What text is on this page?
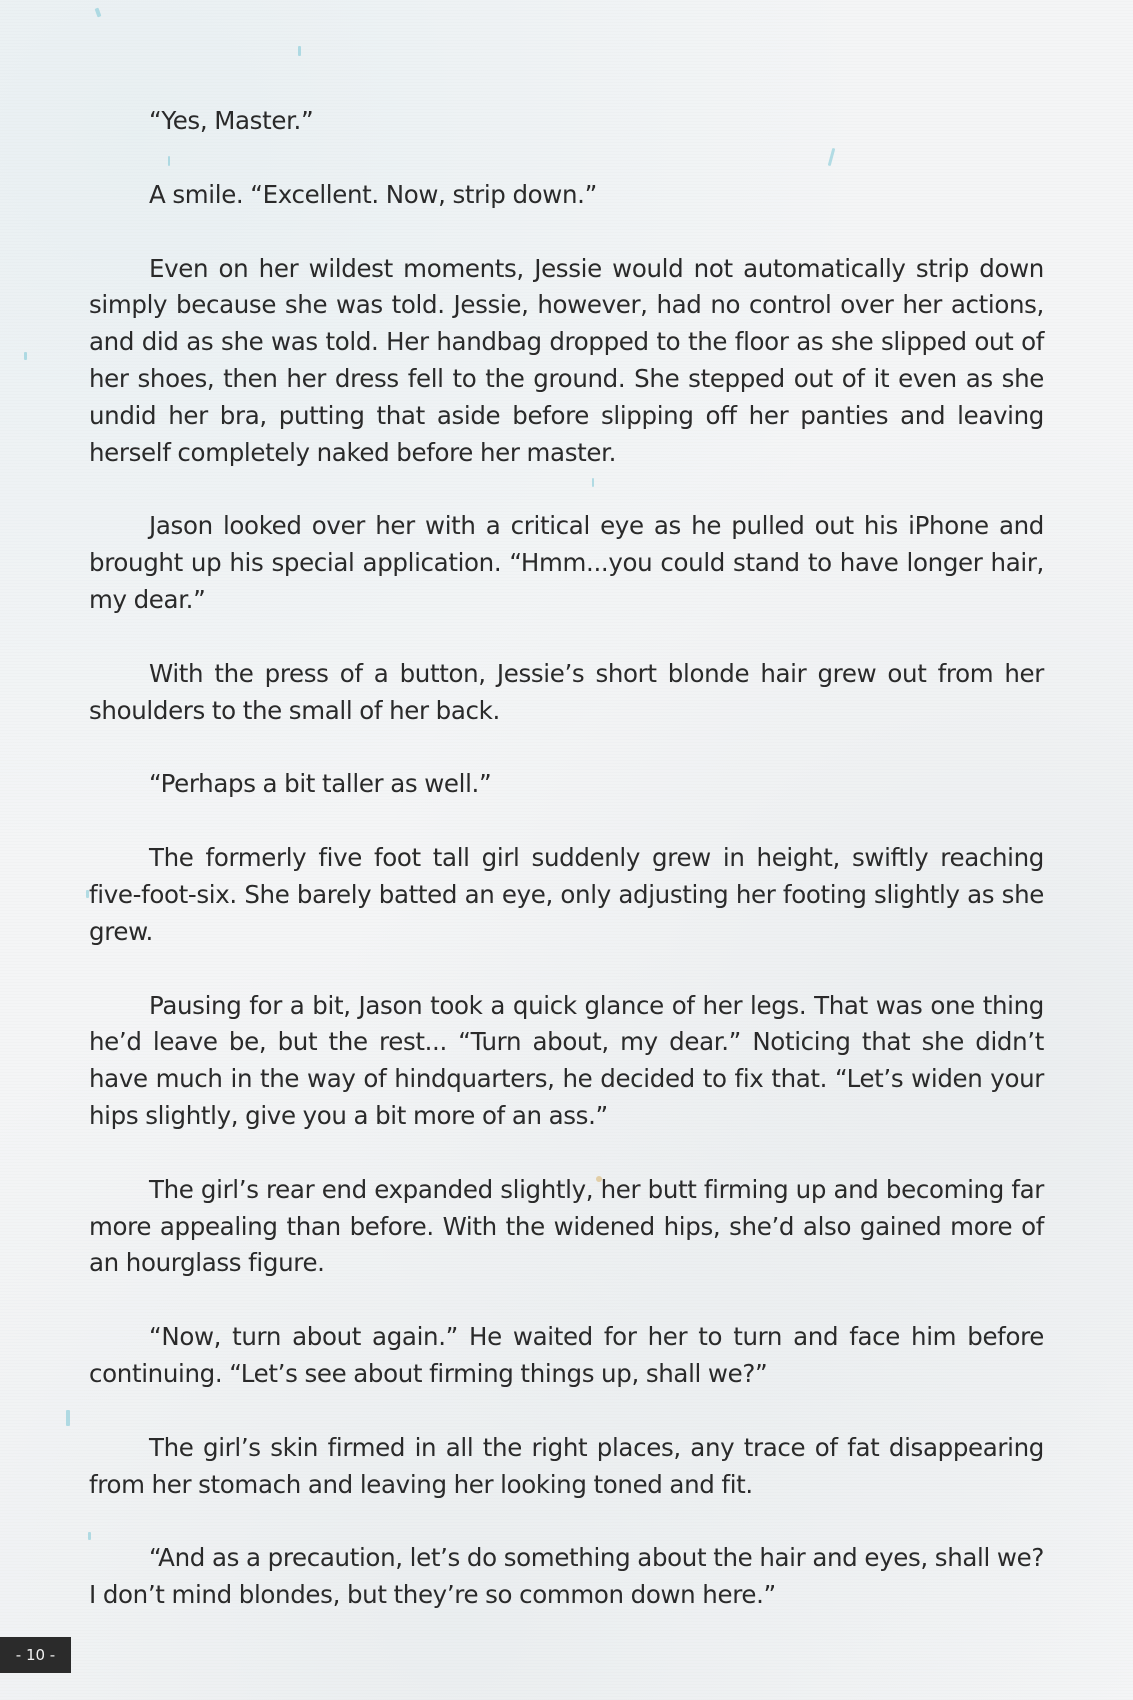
“Yes, Master.”

A smile. “Excellent. Now, strip down.”

Even on her wildest moments, Jessie would not automatically strip down simply because she was told. Jessie, however, had no control over her actions, and did as she was told. Her handbag dropped to the floor as she slipped out of her shoes, then her dress fell to the ground. She stepped out of it even as she undid her bra, putting that aside before slipping off her panties and leaving herself completely naked before her master.

Jason looked over her with a critical eye as he pulled out his iPhone and brought up his special application. “Hmm...you could stand to have longer hair, my dear.”

With the press of a button, Jessie’s short blonde hair grew out from her shoulders to the small of her back.

“Perhaps a bit taller as well.”

The formerly five foot tall girl suddenly grew in height, swiftly reaching five-foot-six. She barely batted an eye, only adjusting her footing slightly as she grew.

Pausing for a bit, Jason took a quick glance of her legs. That was one thing he’d leave be, but the rest... “Turn about, my dear.” Noticing that she didn’t have much in the way of hindquarters, he decided to fix that. “Let’s widen your hips slightly, give you a bit more of an ass.”

The girl’s rear end expanded slightly, her butt firming up and becoming far more appealing than before. With the widened hips, she’d also gained more of an hourglass figure.

“Now, turn about again.” He waited for her to turn and face him before continuing. “Let’s see about firming things up, shall we?”

The girl’s skin firmed in all the right places, any trace of fat disappearing from her stomach and leaving her looking toned and fit.

“And as a precaution, let’s do something about the hair and eyes, shall we? I don’t mind blondes, but they’re so common down here.”

- 10 -
